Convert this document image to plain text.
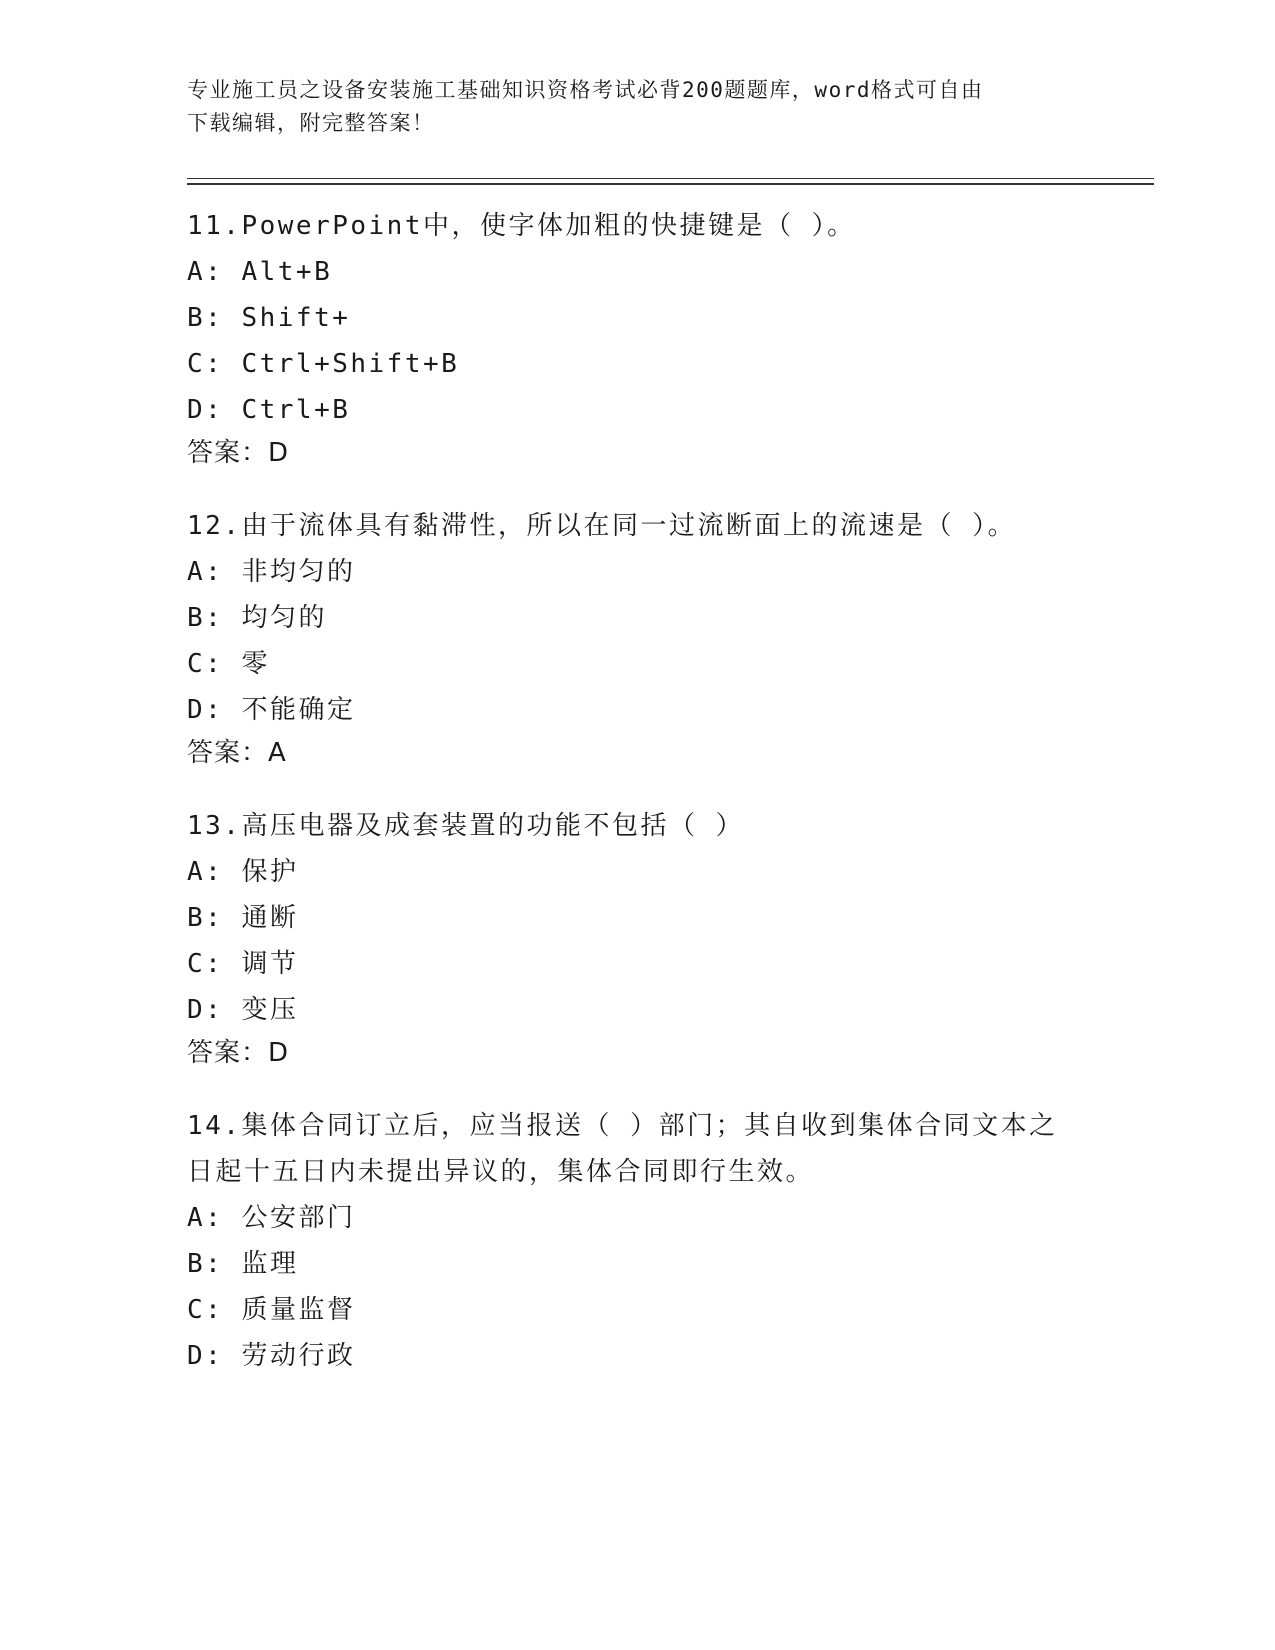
专业施工员之设备安装施工基础知识资格考试必背200题题库，word格式可自由
下载编辑，附完整答案！
11.PowerPoint中，使字体加粗的快捷键是（ ）。
A: Alt+B
B: Shift+
C: Ctrl+Shift+B
D: Ctrl+B
答案：D
12.由于流体具有黏滞性，所以在同一过流断面上的流速是（ ）。
A: 非均匀的
B: 均匀的
C: 零
D: 不能确定
答案：A
13.高压电器及成套装置的功能不包括（ ）
A: 保护
B: 通断
C: 调节
D: 变压
答案：D
14.集体合同订立后，应当报送（ ）部门；其自收到集体合同文本之
日起十五日内未提出异议的，集体合同即行生效。
A: 公安部门
B: 监理
C: 质量监督
D: 劳动行政
